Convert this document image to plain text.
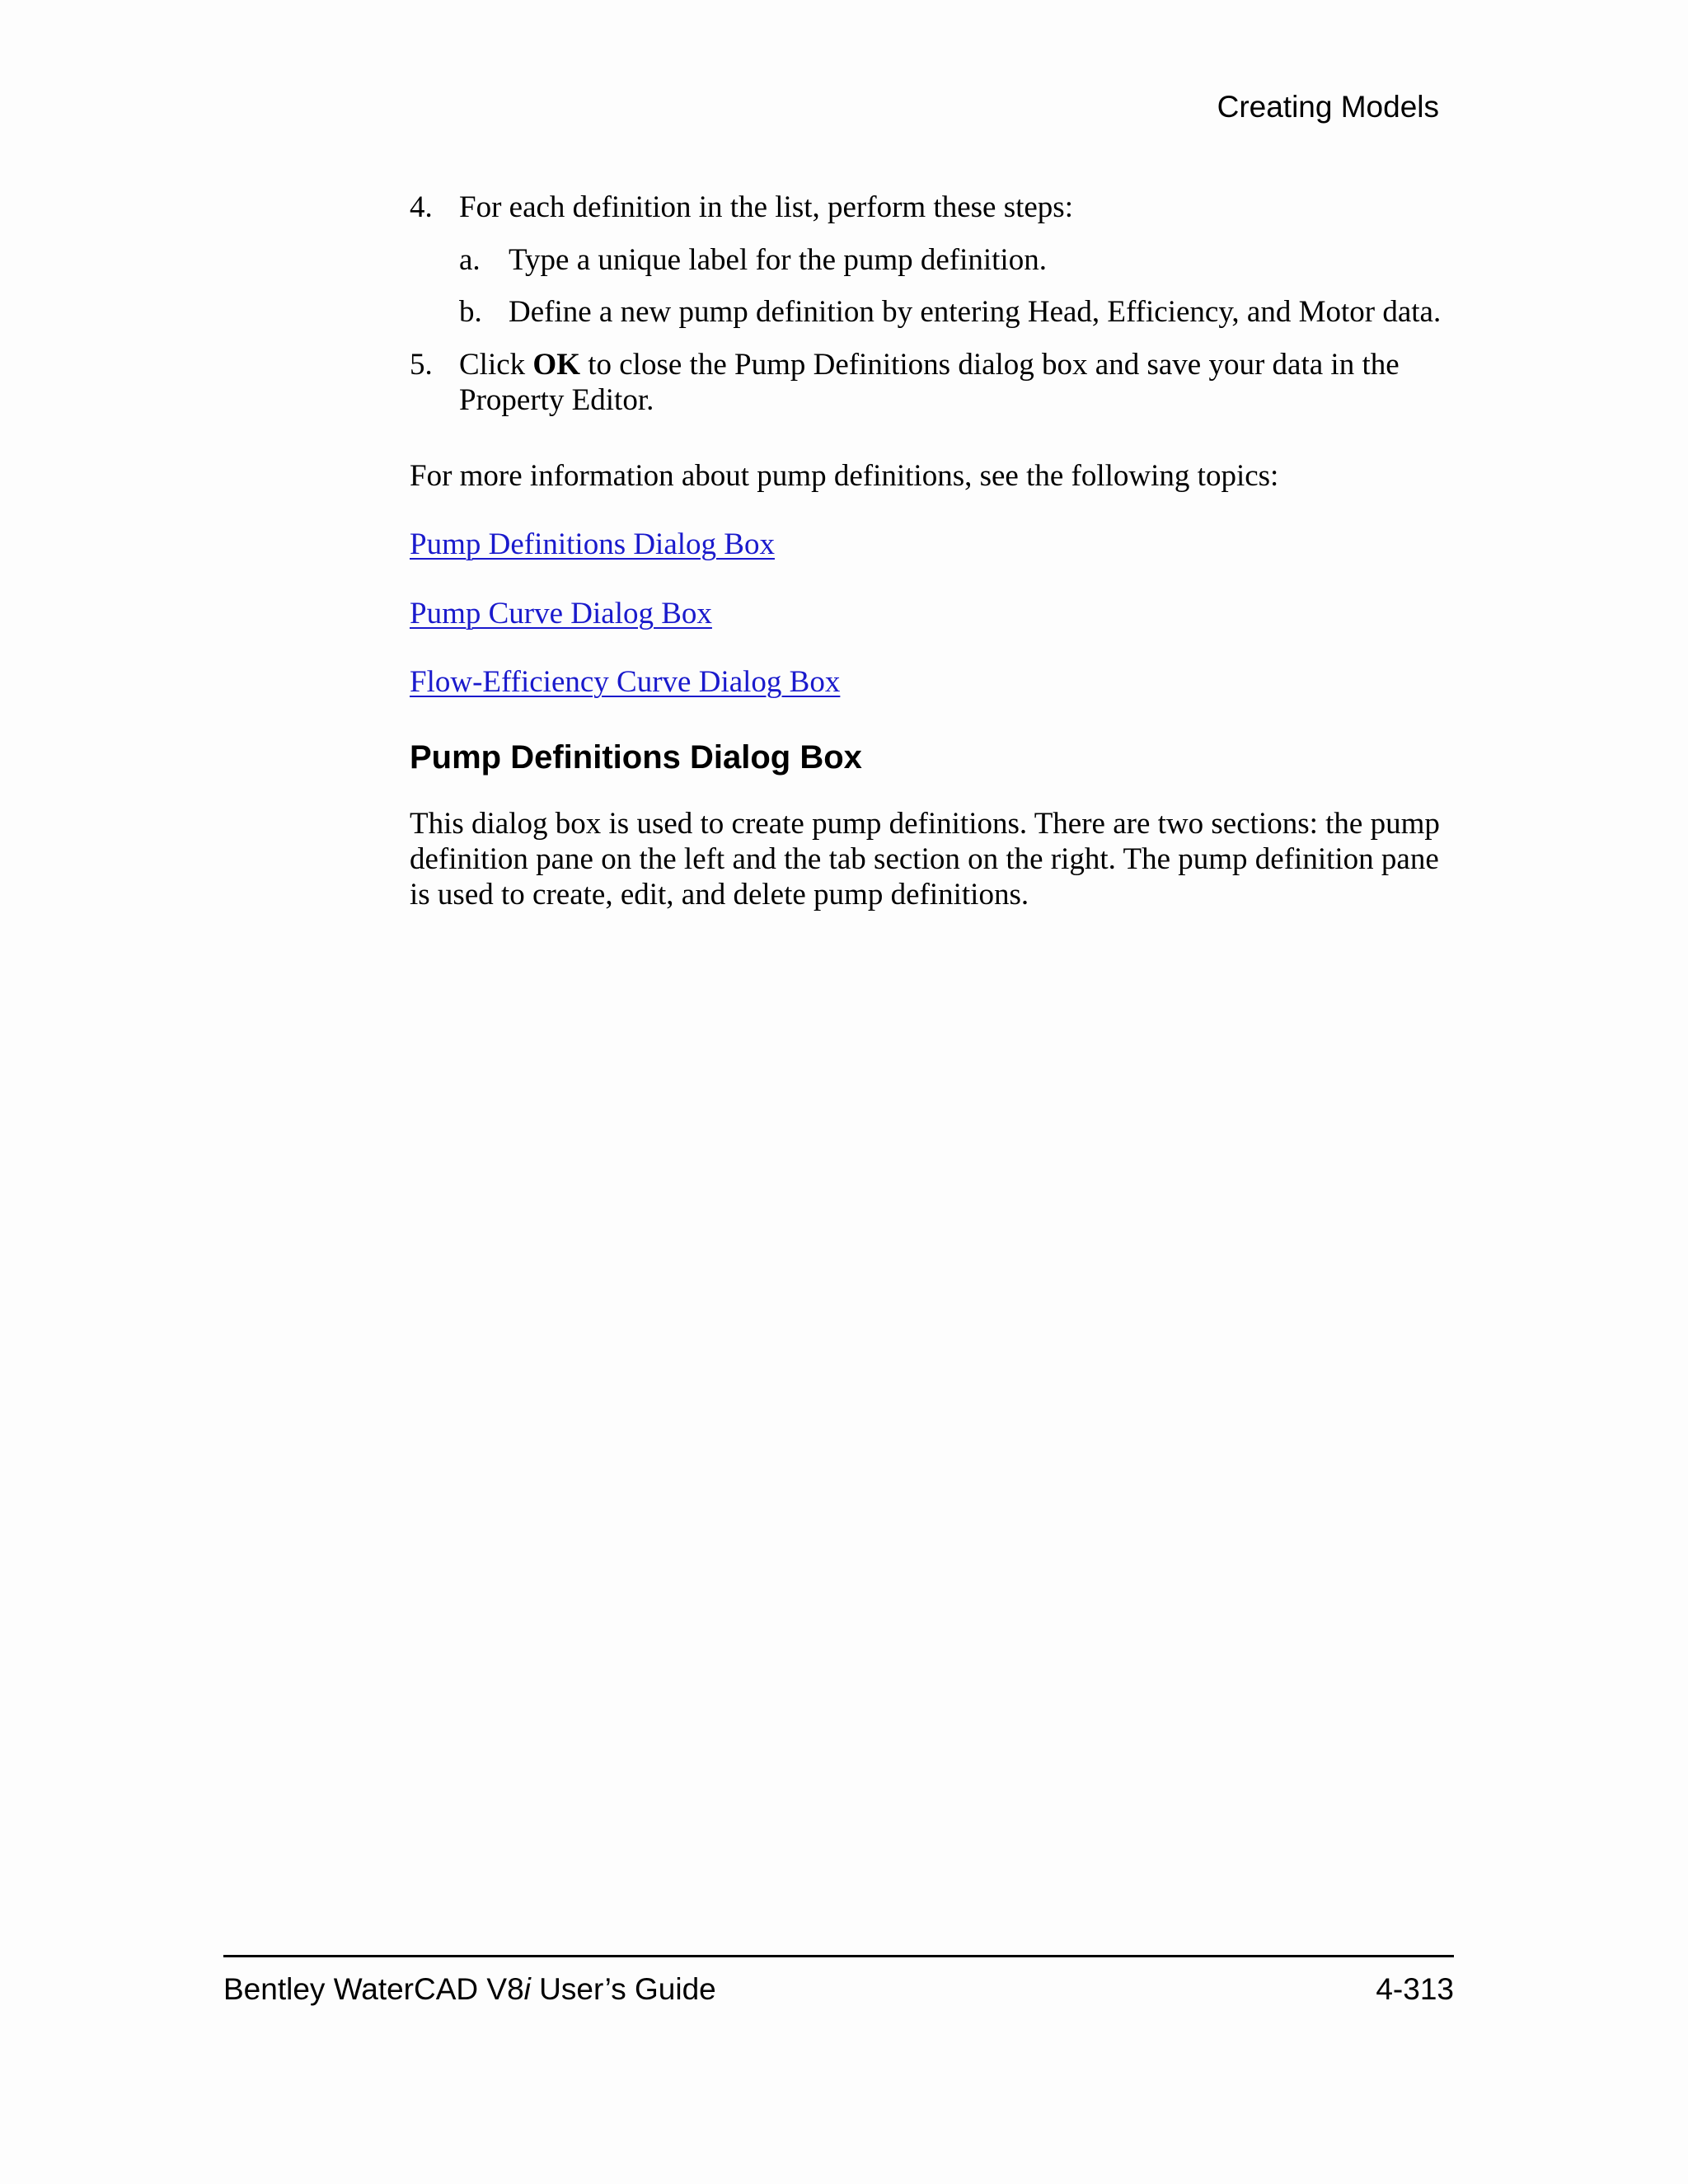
Creating Models
4. For each definition in the list, perform these steps:
a. Type a unique label for the pump definition.
b. Define a new pump definition by entering Head, Efficiency, and Motor data.
5. Click OK to close the Pump Definitions dialog box and save your data in the Property Editor.
For more information about pump definitions, see the following topics:
Pump Definitions Dialog Box
Pump Curve Dialog Box
Flow-Efficiency Curve Dialog Box
Pump Definitions Dialog Box
This dialog box is used to create pump definitions. There are two sections: the pump definition pane on the left and the tab section on the right. The pump definition pane is used to create, edit, and delete pump definitions.
Bentley WaterCAD V8i User’s Guide	4-313
